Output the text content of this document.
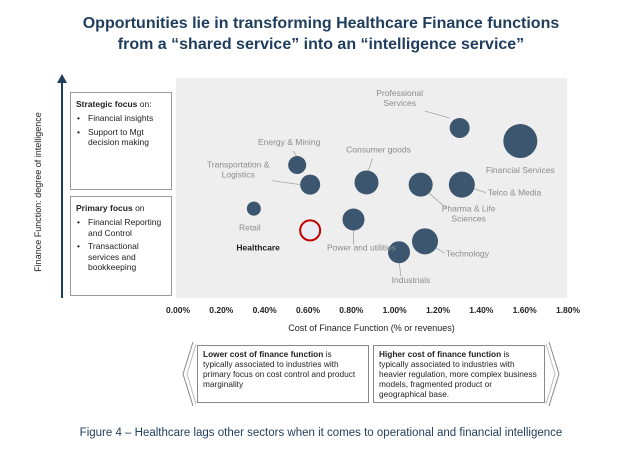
Opportunities lie in transforming Healthcare Finance functions
from a “shared service” into an “intelligence service”
Finance Function: degree of intelligence
Strategic focus on:
• Financial insights
• Support to Mgt decision making
Primary focus on
• Financial Reporting and Control
• Transactional services and bookkeeping
Professional Services
Financial Services
Energy & Mining
Consumer goods
Transportation & Logistics
Pharma & Life Sciences
Telco & Media
Retail
Power and utilities
Healthcare
Technology
Industrials
0.00% 0.20% 0.40% 0.60% 0.80% 1.00% 1.20% 1.40% 1.60% 1.80%
Cost of Finance Function (% or revenues)
Lower cost of finance function is typically associated to industries with primary focus on cost control and product marginality
Higher cost of finance function is typically associated to industries with heavier regulation, more complex business models, fragmented product or geographical base.
Figure 4 – Healthcare lags other sectors when it comes to operational and financial intelligence
